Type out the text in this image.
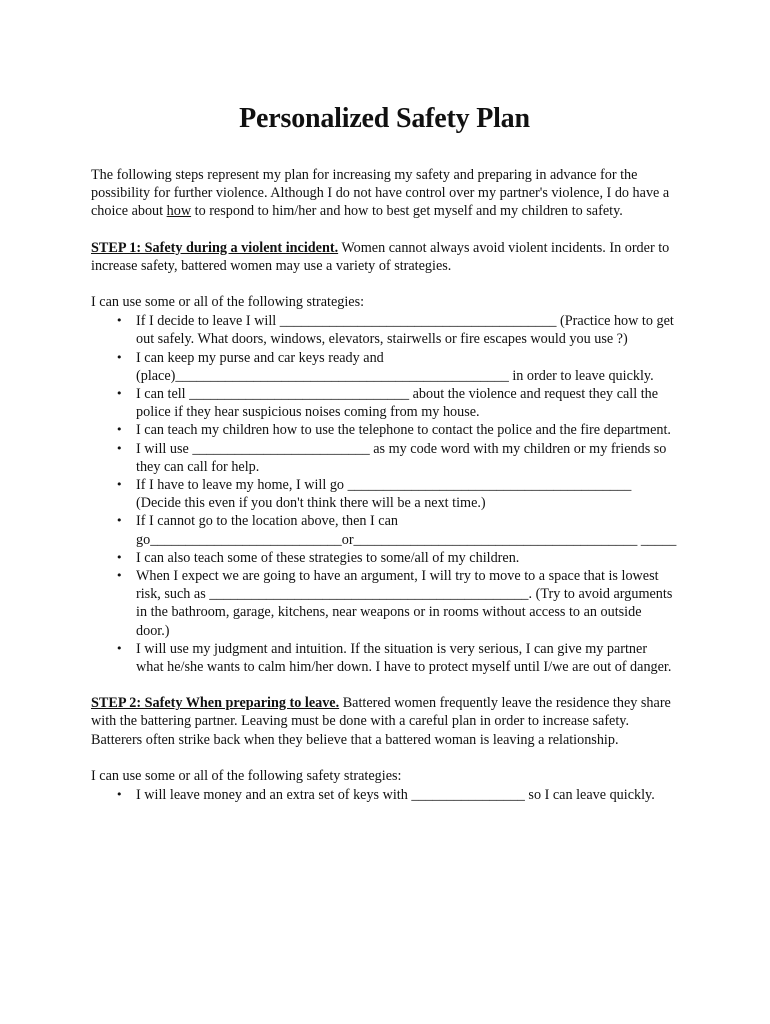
Personalized Safety Plan

The following steps represent my plan for increasing my safety and preparing in advance for the possibility for further violence. Although I do not have control over my partner's violence, I do have a choice about how to respond to him/her and how to best get myself and my children to safety.

STEP 1: Safety during a violent incident. Women cannot always avoid violent incidents. In order to increase safety, battered women may use a variety of strategies.

I can use some or all of the following strategies:

• If I decide to leave I will _______________________________________ (Practice how to get out safely. What doors, windows, elevators, stairwells or fire escapes would you use ?)
• I can keep my purse and car keys ready and (place)_______________________________________________ in order to leave quickly.
• I can tell _______________________________ about the violence and request they call the police if they hear suspicious noises coming from my house.
• I can teach my children how to use the telephone to contact the police and the fire department.
• I will use _________________________ as my code word with my children or my friends so they can call for help.
• If I have to leave my home, I will go ________________________________________ (Decide this even if you don't think there will be a next time.)
• If I cannot go to the location above, then I can go___________________________or________________________________________ _____
• I can also teach some of these strategies to some/all of my children.
• When I expect we are going to have an argument, I will try to move to a space that is lowest risk, such as _____________________________________________. (Try to avoid arguments in the bathroom, garage, kitchens, near weapons or in rooms without access to an outside door.)
• I will use my judgment and intuition. If the situation is very serious, I can give my partner what he/she wants to calm him/her down. I have to protect myself until I/we are out of danger.

STEP 2: Safety When preparing to leave. Battered women frequently leave the residence they share with the battering partner. Leaving must be done with a careful plan in order to increase safety. Batterers often strike back when they believe that a battered woman is leaving a relationship.

I can use some or all of the following safety strategies:

• I will leave money and an extra set of keys with ________________ so I can leave quickly.
